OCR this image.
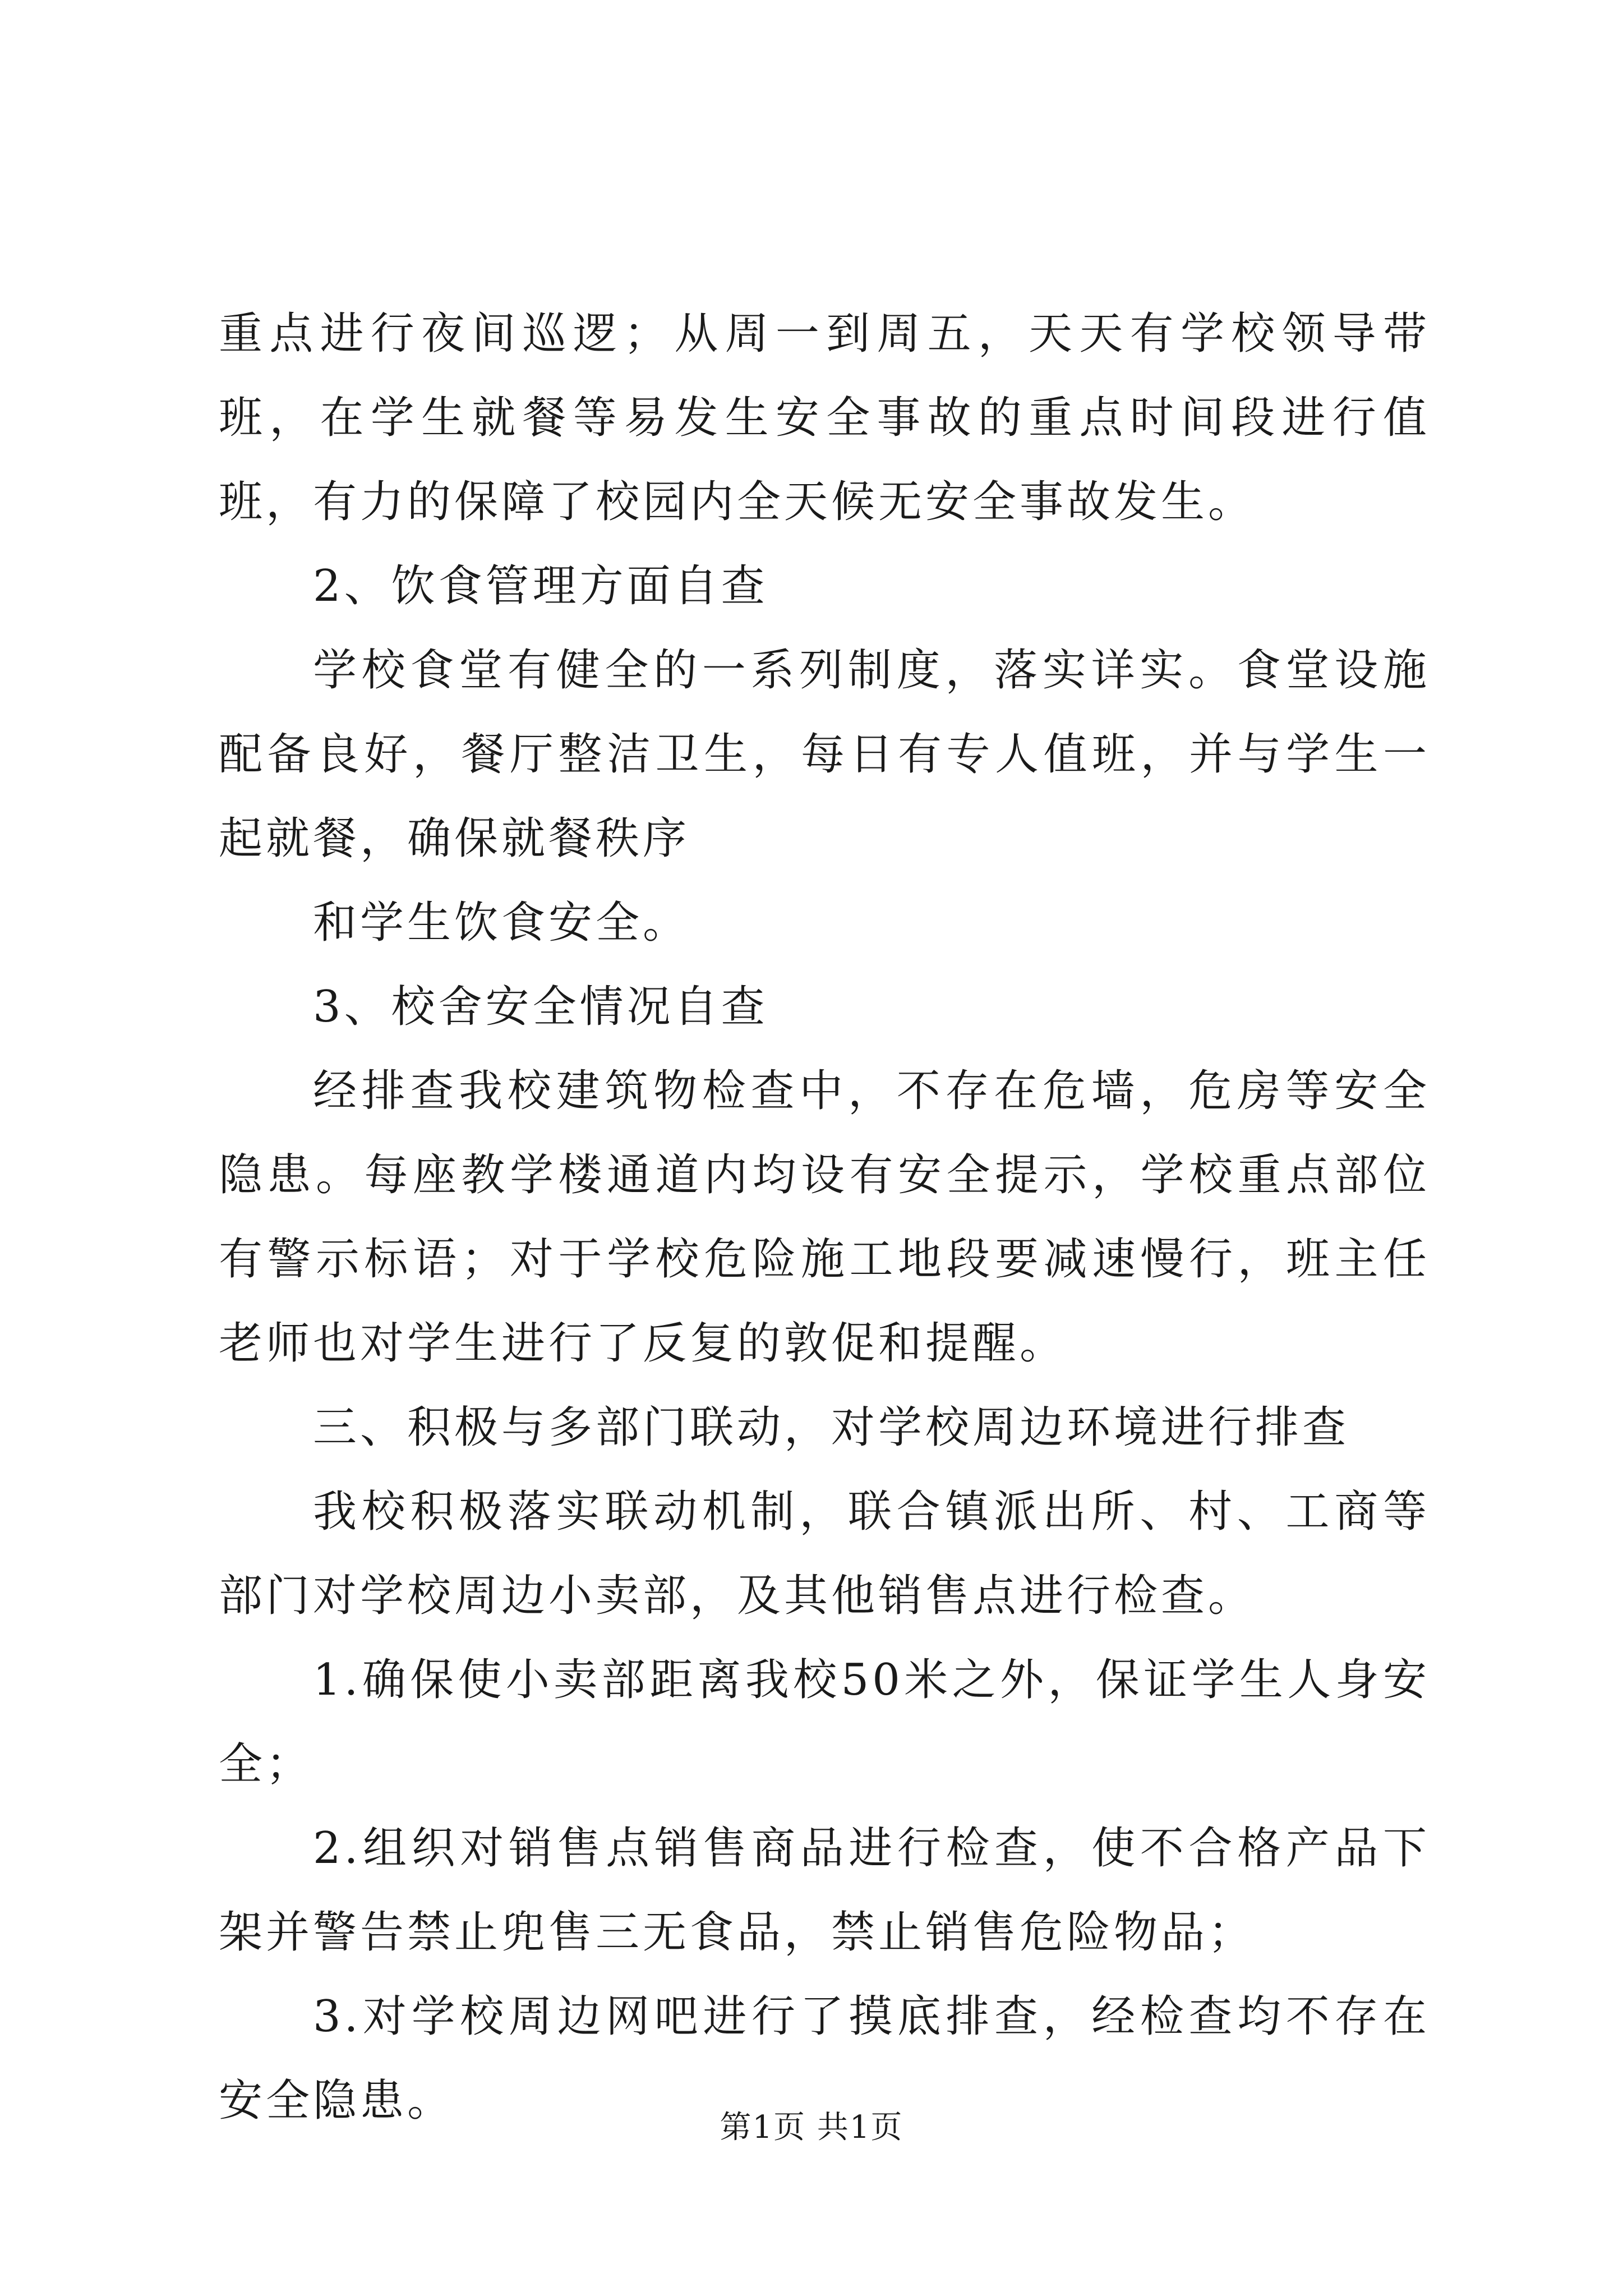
重点进行夜间巡逻；从周一到周五，天天有学校领导带班，在学生就餐等易发生安全事故的重点时间段进行值班，有力的保障了校园内全天候无安全事故发生。

2、饮食管理方面自查

学校食堂有健全的一系列制度，落实详实。食堂设施配备良好，餐厅整洁卫生，每日有专人值班，并与学生一起就餐，确保就餐秩序

和学生饮食安全。

3、校舍安全情况自查

经排查我校建筑物检查中，不存在危墙，危房等安全隐患。每座教学楼通道内均设有安全提示，学校重点部位有警示标语；对于学校危险施工地段要减速慢行，班主任老师也对学生进行了反复的敦促和提醒。

三、积极与多部门联动，对学校周边环境进行排查

我校积极落实联动机制，联合镇派出所、村、工商等部门对学校周边小卖部，及其他销售点进行检查。

1.确保使小卖部距离我校50米之外，保证学生人身安全；

2.组织对销售点销售商品进行检查，使不合格产品下架并警告禁止兜售三无食品，禁止销售危险物品；

3.对学校周边网吧进行了摸底排查，经检查均不存在安全隐患。

第1页 共1页
